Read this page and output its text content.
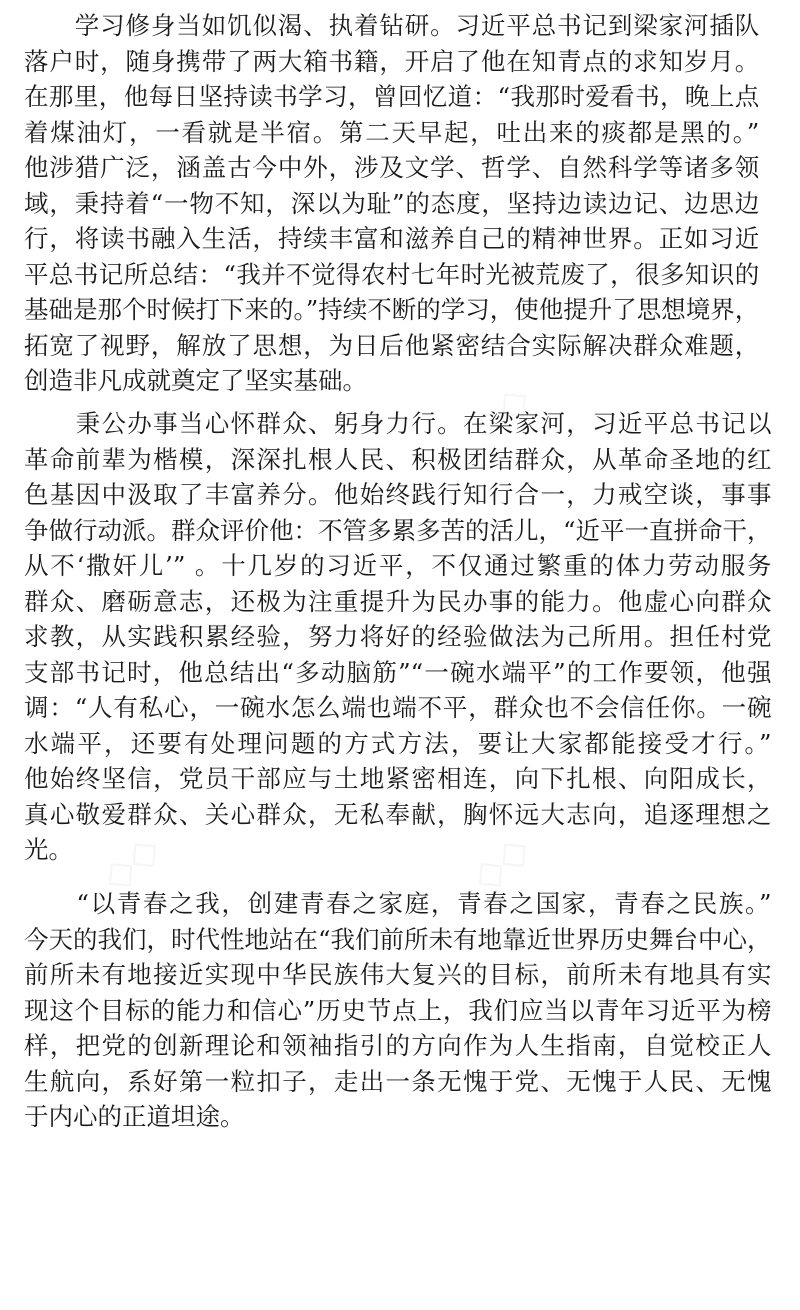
　　学习修身当如饥似渴、执着钻研。习近平总书记到梁家河插队
落户时，随身携带了两大箱书籍，开启了他在知青点的求知岁月。
在那里，他每日坚持读书学习，曾回忆道：“我那时爱看书，晚上点
着煤油灯，一看就是半宿。第二天早起，吐出来的痰都是黑的。”
他涉猎广泛，涵盖古今中外，涉及文学、哲学、自然科学等诸多领
域，秉持着“一物不知，深以为耻”的态度，坚持边读边记、边思边
行，将读书融入生活，持续丰富和滋养自己的精神世界。正如习近
平总书记所总结：“我并不觉得农村七年时光被荒废了，很多知识的
基础是那个时候打下来的。”持续不断的学习，使他提升了思想境界，
拓宽了视野，解放了思想，为日后他紧密结合实际解决群众难题，
创造非凡成就奠定了坚实基础。
　　秉公办事当心怀群众、躬身力行。在梁家河，习近平总书记以
革命前辈为楷模，深深扎根人民、积极团结群众，从革命圣地的红
色基因中汲取了丰富养分。他始终践行知行合一，力戒空谈，事事
争做行动派。群众评价他：不管多累多苦的活儿，“近平一直拼命干，
从不‘撒奸儿’” 。十几岁的习近平，不仅通过繁重的体力劳动服务
群众、磨砺意志，还极为注重提升为民办事的能力。他虚心向群众
求教，从实践积累经验，努力将好的经验做法为己所用。担任村党
支部书记时，他总结出“多动脑筋”“一碗水端平”的工作要领，他强
调：“人有私心，一碗水怎么端也端不平，群众也不会信任你。一碗
水端平，还要有处理问题的方式方法，要让大家都能接受才行。”
他始终坚信，党员干部应与土地紧密相连，向下扎根、向阳成长，
真心敬爱群众、关心群众，无私奉献，胸怀远大志向，追逐理想之
光。
　　“以青春之我，创建青春之家庭，青春之国家，青春之民族。”
今天的我们，时代性地站在“我们前所未有地靠近世界历史舞台中心，
前所未有地接近实现中华民族伟大复兴的目标，前所未有地具有实
现这个目标的能力和信心”历史节点上，我们应当以青年习近平为榜
样，把党的创新理论和领袖指引的方向作为人生指南，自觉校正人
生航向，系好第一粒扣子，走出一条无愧于党、无愧于人民、无愧
于内心的正道坦途。
